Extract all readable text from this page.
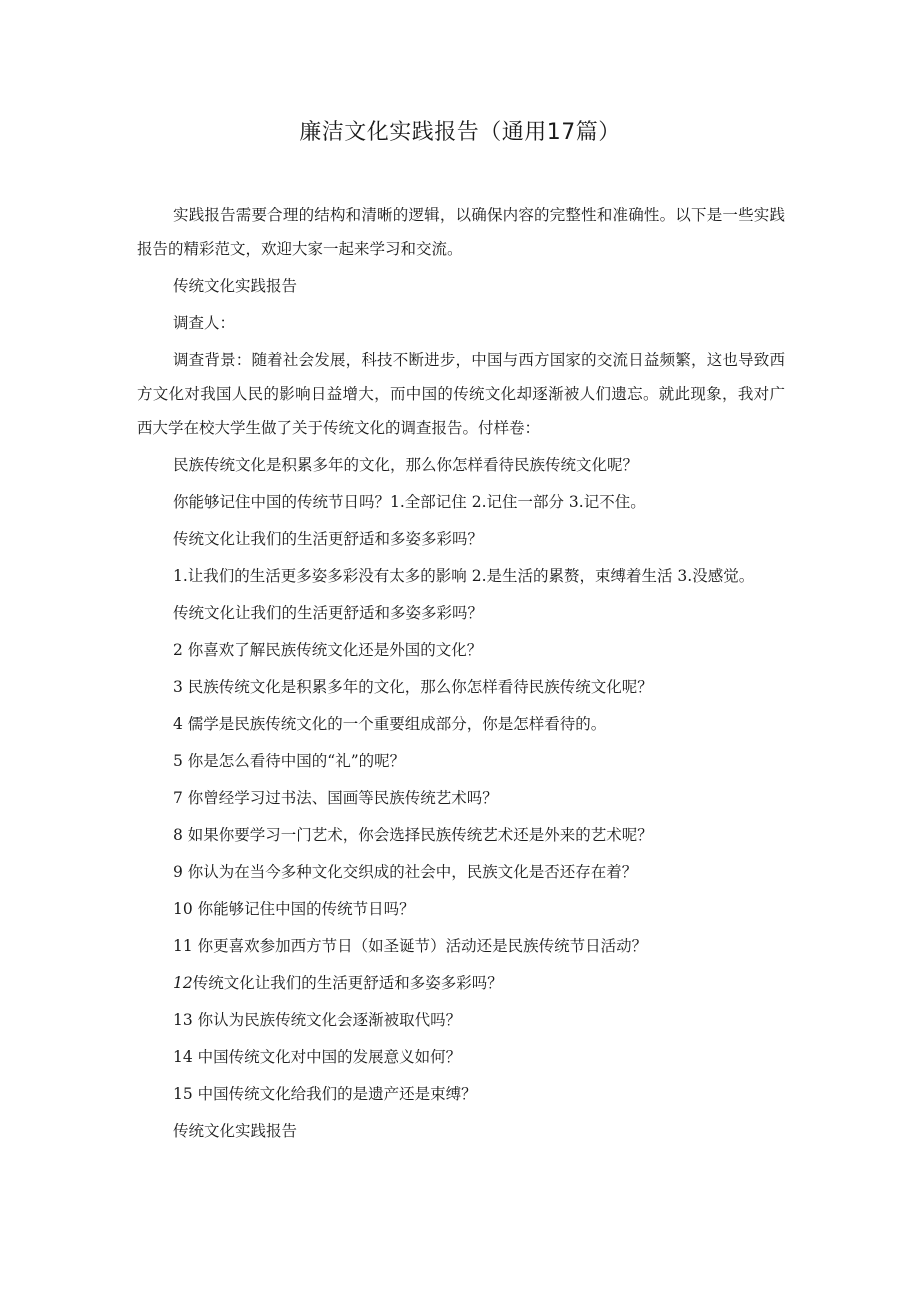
廉洁文化实践报告（通用17篇）

实践报告需要合理的结构和清晰的逻辑，以确保内容的完整性和准确性。以下是一些实践报告的精彩范文，欢迎大家一起来学习和交流。

传统文化实践报告

调查人：

调查背景：随着社会发展，科技不断进步，中国与西方国家的交流日益频繁，这也导致西方文化对我国人民的影响日益增大，而中国的传统文化却逐渐被人们遗忘。就此现象，我对广西大学在校大学生做了关于传统文化的调查报告。付样卷：

民族传统文化是积累多年的文化，那么你怎样看待民族传统文化呢？

你能够记住中国的传统节日吗？1.全部记住 2.记住一部分 3.记不住。

传统文化让我们的生活更舒适和多姿多彩吗？

1.让我们的生活更多姿多彩没有太多的影响 2.是生活的累赘，束缚着生活 3.没感觉。

传统文化让我们的生活更舒适和多姿多彩吗？

2 你喜欢了解民族传统文化还是外国的文化？

3 民族传统文化是积累多年的文化，那么你怎样看待民族传统文化呢？

4 儒学是民族传统文化的一个重要组成部分，你是怎样看待的。

5 你是怎么看待中国的“礼”的呢？

7 你曾经学习过书法、国画等民族传统艺术吗？

8 如果你要学习一门艺术，你会选择民族传统艺术还是外来的艺术呢？

9 你认为在当今多种文化交织成的社会中，民族文化是否还存在着？

10 你能够记住中国的传统节日吗？

11 你更喜欢参加西方节日（如圣诞节）活动还是民族传统节日活动？

12传统文化让我们的生活更舒适和多姿多彩吗？

13 你认为民族传统文化会逐渐被取代吗？

14 中国传统文化对中国的发展意义如何？

15 中国传统文化给我们的是遗产还是束缚？

传统文化实践报告
